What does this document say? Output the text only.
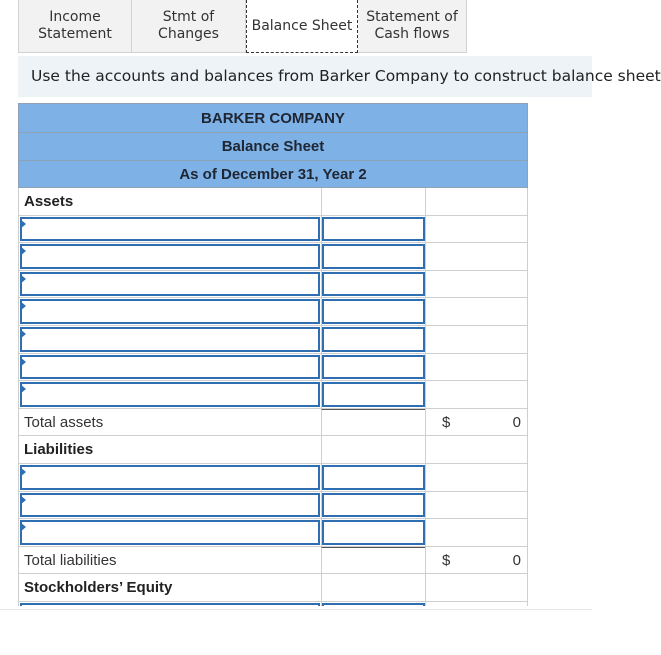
Income
Statement
Stmt of
Changes
Balance Sheet
Statement of
Cash flows
Use the accounts and balances from Barker Company to construct balance sheet
BARKER COMPANY
Balance Sheet
As of December 31, Year 2
Assets
Total assets	$	0
Liabilities
Total liabilities	$	0
Stockholders’ Equity
